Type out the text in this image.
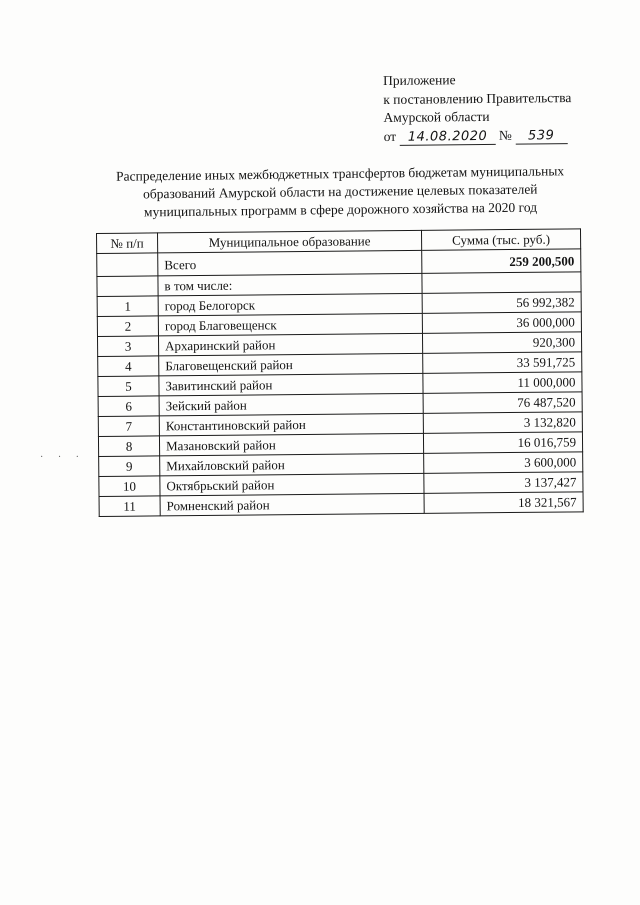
Приложение
к постановлению Правительства
Амурской области
от 14.08.2020 № 539
Распределение иных межбюджетных трансфертов бюджетам муниципальных
образований Амурской области на достижение целевых показателей
муниципальных программ в сфере дорожного хозяйства на 2020 год
№ п/п	Муниципальное образование	Сумма (тыс. руб.)
	Всего	259 200,500
	в том числе:	
1	город Белогорск	56 992,382
2	город Благовещенск	36 000,000
3	Архаринский район	920,300
4	Благовещенский район	33 591,725
5	Завитинский район	11 000,000
6	Зейский район	76 487,520
7	Константиновский район	3 132,820
8	Мазановский район	16 016,759
9	Михайловский район	3 600,000
10	Октябрьский район	3 137,427
11	Ромненский район	18 321,567
· · ·
